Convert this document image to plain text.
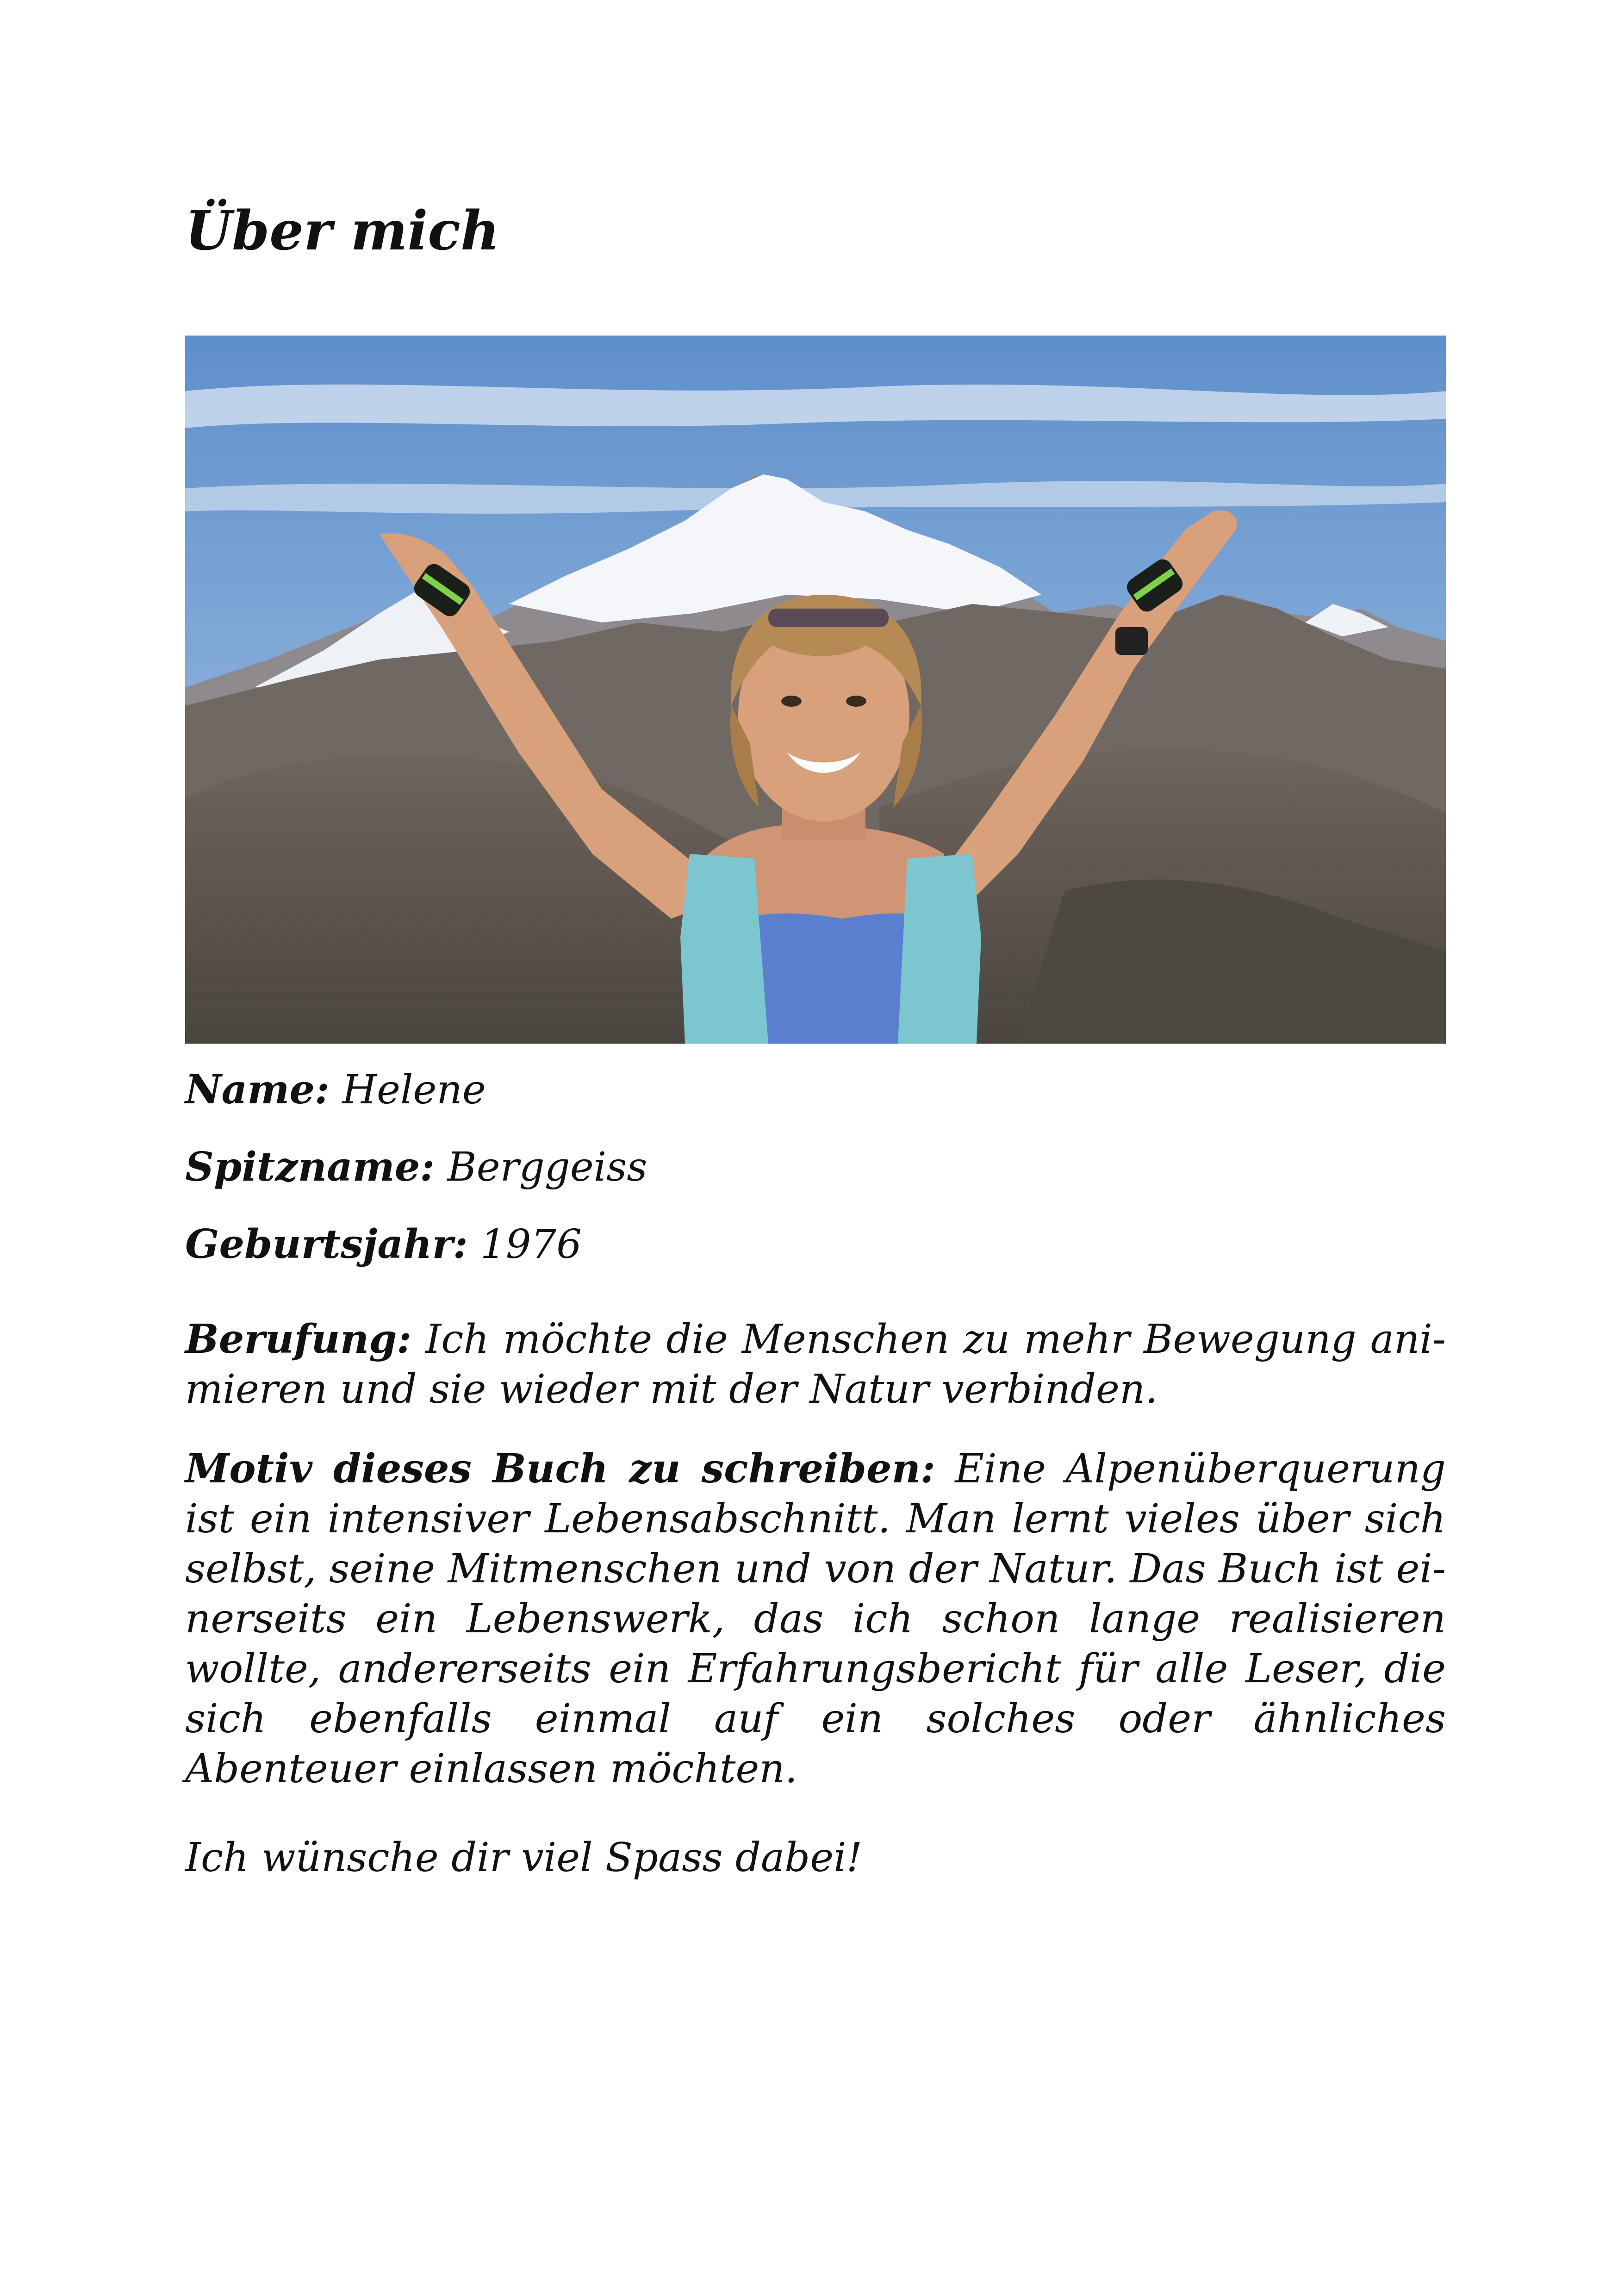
Über mich

Name: Helene

Spitzname: Berggeiss

Geburtsjahr: 1976

Berufung: Ich möchte die Menschen zu mehr Bewegung animieren und sie wieder mit der Natur verbinden.

Motiv dieses Buch zu schreiben: Eine Alpenüberquerung ist ein intensiver Lebensabschnitt. Man lernt vieles über sich selbst, seine Mitmenschen und von der Natur. Das Buch ist einerseits ein Lebenswerk, das ich schon lange realisieren wollte, andererseits ein Erfahrungsbericht für alle Leser, die sich ebenfalls einmal auf ein solches oder ähnliches Abenteuer einlassen möchten.

Ich wünsche dir viel Spass dabei!
